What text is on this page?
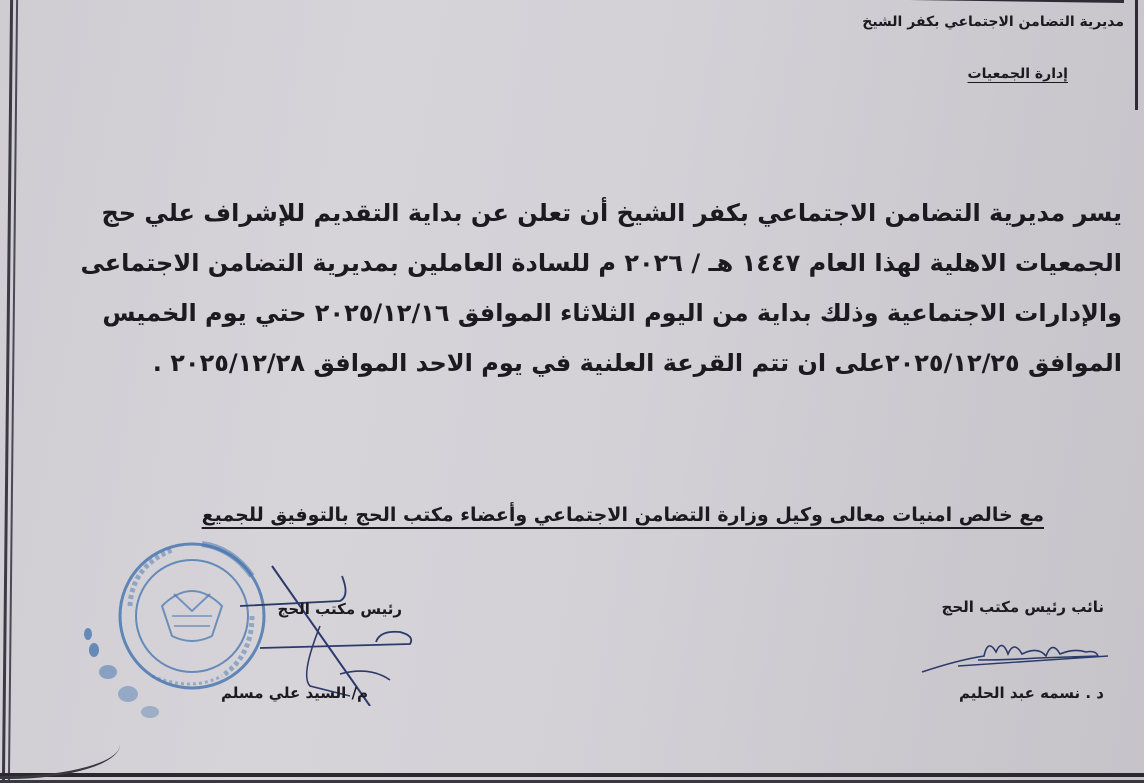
مديرية التضامن الاجتماعي بكفر الشيخ
إدارة الجمعيات
يسر مديرية التضامن الاجتماعي بكفر الشيخ أن تعلن عن بداية التقديم للإشراف علي حج
الجمعيات الاهلية لهذا العام ١٤٤٧ هـ / ٢٠٢٦ م للسادة العاملين بمديرية التضامن الاجتماعى
والإدارات الاجتماعية وذلك بداية من اليوم الثلاثاء الموافق ٢٠٢٥/١٢/١٦ حتي يوم الخميس
الموافق ٢٠٢٥/١٢/٢٥على ان تتم القرعة العلنية في يوم الاحد الموافق ٢٠٢٥/١٢/٢٨ .
مع خالص امنيات معالى وكيل وزارة التضامن الاجتماعي وأعضاء مكتب الحج بالتوفيق للجميع
رئيس مكتب الحج
م/ السيد علي مسلم
نائب رئيس مكتب الحج
د . نسمه عبد الحليم
